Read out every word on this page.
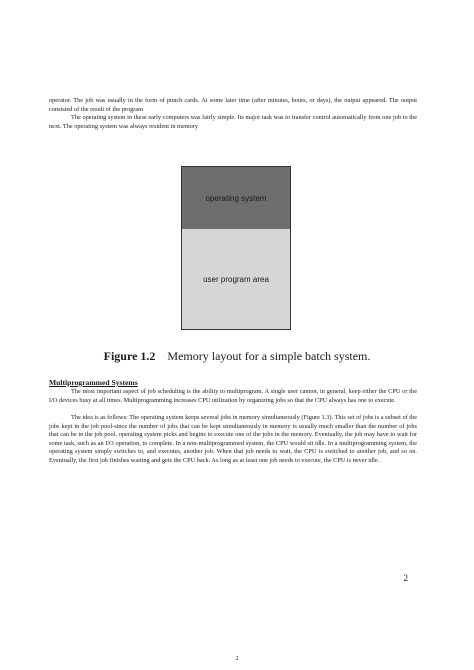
operator. The job was usually in the form of punch cards. At some later time (after minutes, hours, or days), the output appeared. The output consisted of the result of the program

The operating system in these early computers was fairly simple. Its major task was to transfer control automatically from one job to the next. The operating system was always resident in memory

operating system
user program area
Figure 1.2 Memory layout for a simple batch system.
Multiprogrammed Systems

The most important aspect of job scheduling is the ability to multiprogram. A single user cannot, in general, keep either the CPU or the I/O devices busy at all times. Multiprogramming increases CPU utilization by organizing jobs so that the CPU always has one to execute.

The idea is as follows: The operating system keeps several jobs in memory simultaneously (Figure 1.3). This set of jobs is a subset of the jobs kept in the job pool-since the number of jobs that can be kept simultaneously in memory is usually much smaller than the number of jobs that can be in the job pool. operating system picks and begins to execute one of the jobs in the memory. Eventually, the job may have to wait for some task, such as an I/O operation, to complete. In a non-multiprogrammed system, the CPU would sit idle. In a multiprogramming system, the operating system simply switches to, and executes, another job. When that job needs to wait, the CPU is switched to another job, and so on. Eventually, the first job finishes waiting and gets the CPU back. As long as at least one job needs to execute, the CPU is never idle.

2
2
